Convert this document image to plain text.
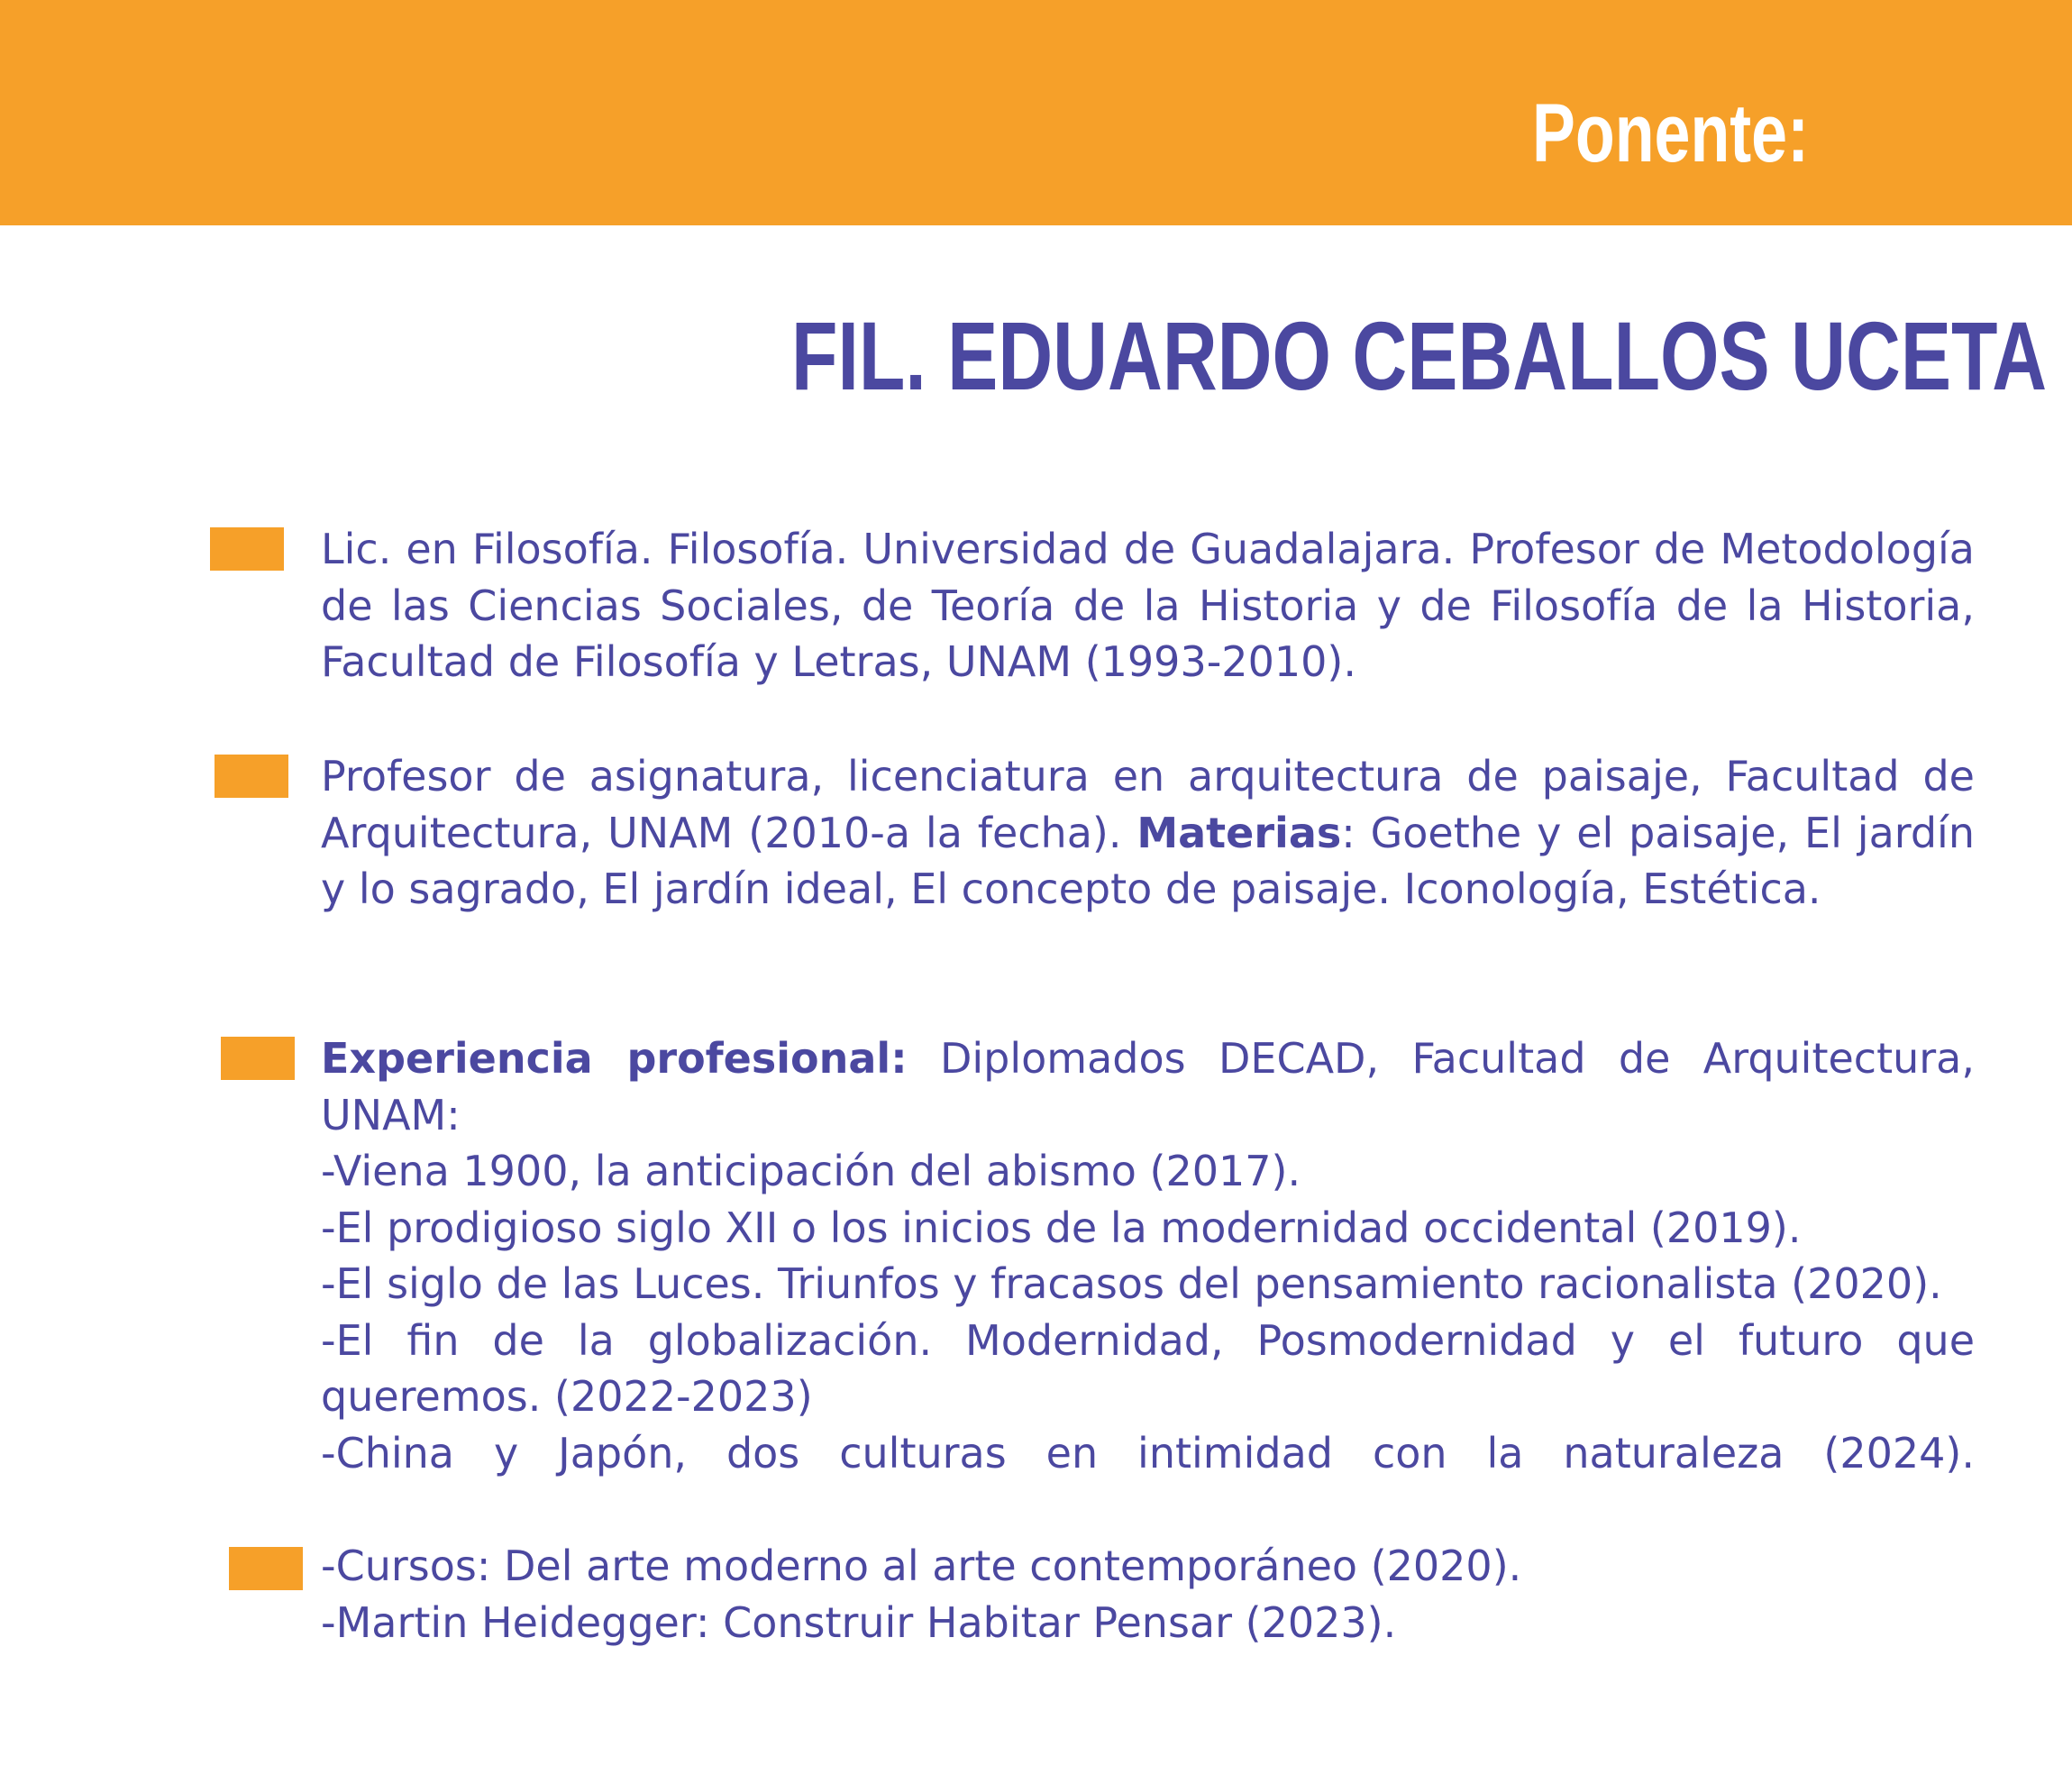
Ponente:
FIL. EDUARDO CEBALLOS UCETA
Lic. en Filosofía. Filosofía. Universidad de Guadalajara. Profesor de Metodología de las Ciencias Sociales, de Teoría de la Historia y de Filosofía de la Historia, Facultad de Filosofía y Letras, UNAM (1993-2010).
Profesor de asignatura, licenciatura en arquitectura de paisaje, Facultad de Arquitectura, UNAM (2010-a la fecha). Materias: Goethe y el paisaje, El jardín y lo sagrado, El jardín ideal, El concepto de paisaje. Iconología, Estética.
Experiencia profesional: Diplomados DECAD, Facultad de Arquitectura, UNAM:
-Viena 1900, la anticipación del abismo (2017).
-El prodigioso siglo XII o los inicios de la modernidad occidental (2019).
-El siglo de las Luces. Triunfos y fracasos del pensamiento racionalista (2020).
-El fin de la globalización. Modernidad, Posmodernidad y el futuro que queremos. (2022-2023)
-China y Japón, dos culturas en intimidad con la naturaleza (2024).
-Cursos: Del arte moderno al arte contemporáneo (2020).
-Martin Heidegger: Construir Habitar Pensar (2023).
